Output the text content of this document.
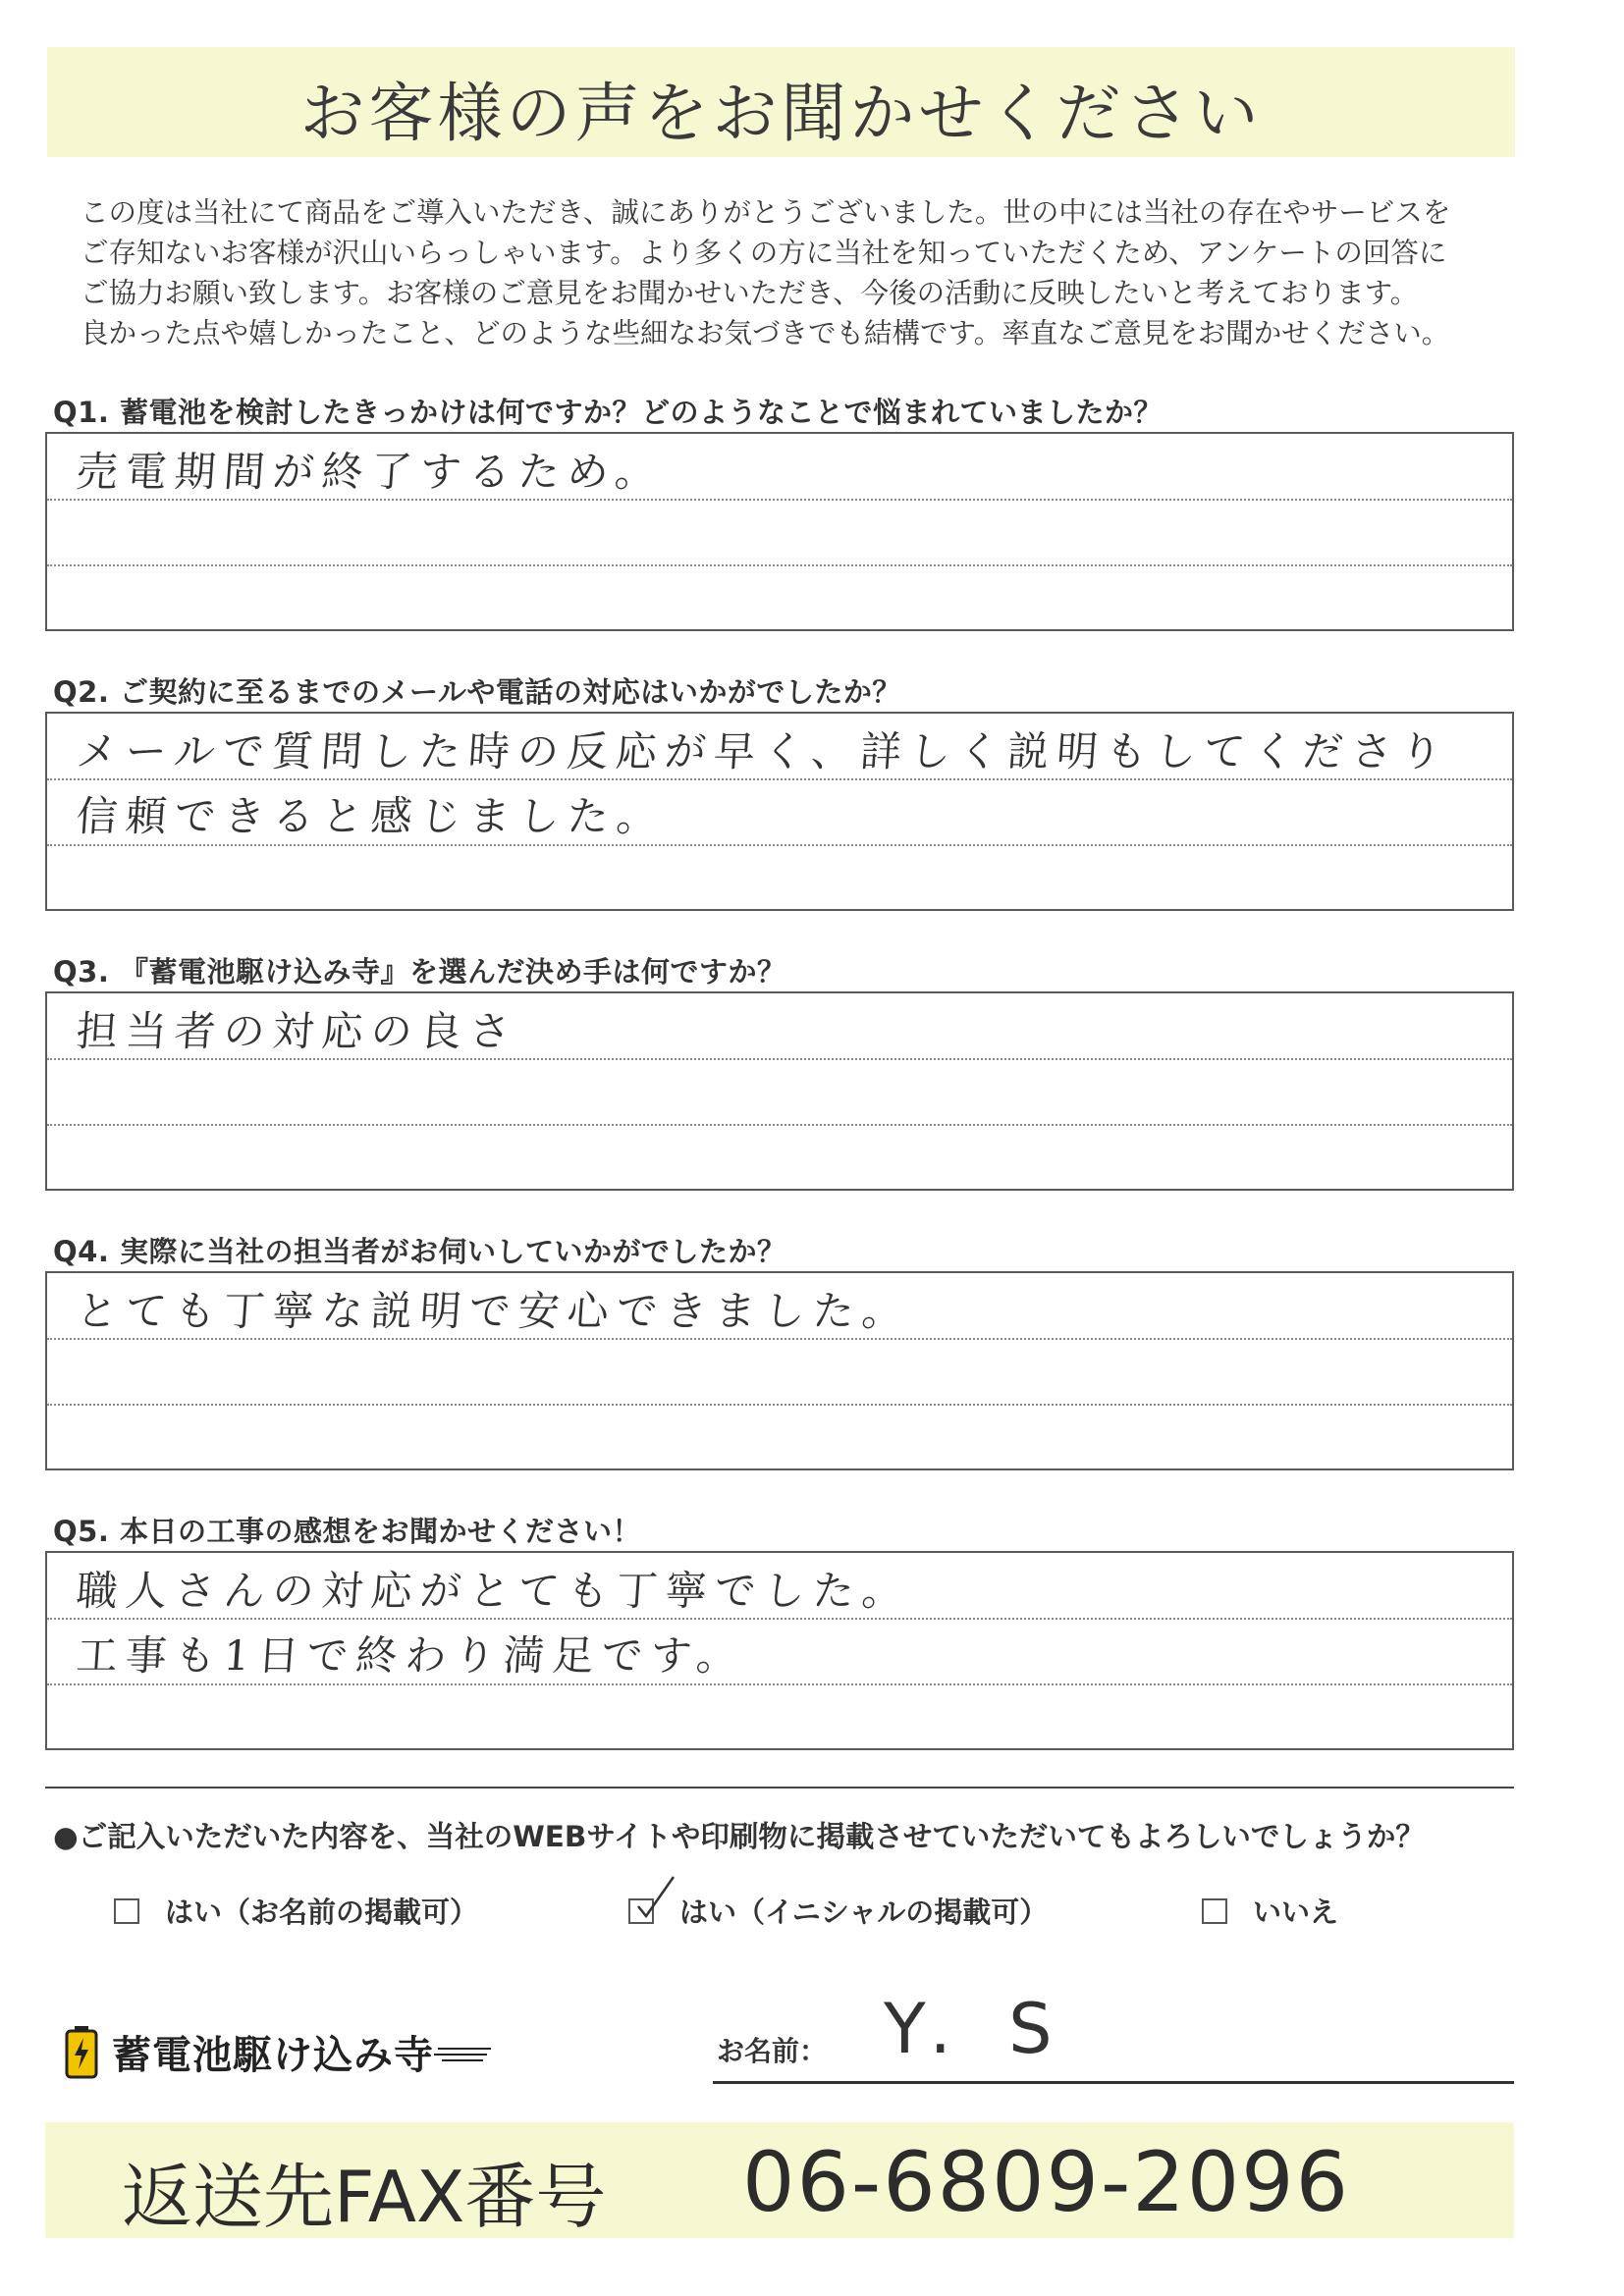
お客様の声をお聞かせください
この度は当社にて商品をご導入いただき、誠にありがとうございました。世の中には当社の存在やサービスを
ご存知ないお客様が沢山いらっしゃいます。より多くの方に当社を知っていただくため、アンケートの回答に
ご協力お願い致します。お客様のご意見をお聞かせいただき、今後の活動に反映したいと考えております。
良かった点や嬉しかったこと、どのような些細なお気づきでも結構です。率直なご意見をお聞かせください。
Q1. 蓄電池を検討したきっかけは何ですか？どのようなことで悩まれていましたか？
売電期間が終了するため。
Q2. ご契約に至るまでのメールや電話の対応はいかがでしたか？
メールで質問した時の反応が早く、詳しく説明もしてくださり
信頼できると感じました。
Q3. 『蓄電池駆け込み寺』を選んだ決め手は何ですか？
担当者の対応の良さ
Q4. 実際に当社の担当者がお伺いしていかがでしたか？
とても丁寧な説明で安心できました。
Q5. 本日の工事の感想をお聞かせください！
職人さんの対応がとても丁寧でした。
工事も1日で終わり満足です。
●ご記入いただいた内容を、当社のWEBサイトや印刷物に掲載させていただいてもよろしいでしょうか？
はい（お名前の掲載可）	はい（イニシャルの掲載可）	いいえ
蓄電池駆け込み寺	お名前： Y. S
返送先FAX番号 06-6809-2096
